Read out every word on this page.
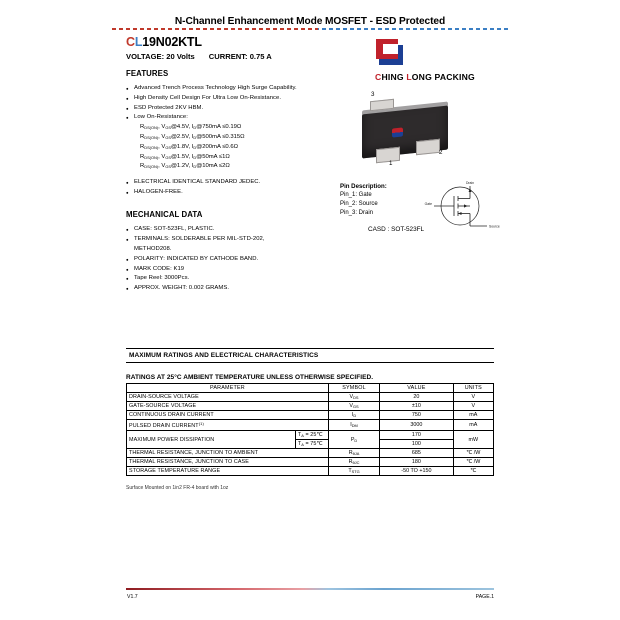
N-Channel Enhancement Mode MOSFET - ESD Protected
CL19N02KTL
VOLTAGE: 20 Volts CURRENT: 0.75 A
FEATURES
● Advanced Trench Process Technology High Surge Capability.
● High Density Cell Design For Ultra Low On-Resistance.
● ESD Protected 2KV HBM.
● Low On-Resistance:
$R_{DS(ON)}$, $V_{GS}@4.5V$, $I_D@750mA \le 0.19\Omega$
$R_{DS(ON)}$, $V_{GS}@2.5V$, $I_D@500mA \le 0.315\Omega$
$R_{DS(ON)}$, $V_{GS}@1.8V$, $I_D@200mA \le 0.6\Omega$
$R_{DS(ON)}$, $V_{GS}@1.5V$, $I_D@50mA \le 1\Omega$
$R_{DS(ON)}$, $V_{GS}@1.2V$, $I_D@10mA \le 2\Omega$
● ELECTRICAL IDENTICAL STANDARD JEDEC.
● HALOGEN-FREE.
MECHANICAL DATA
● CASE: SOT-523FL, PLASTIC.
● TERMINALS: SOLDERABLE PER MIL-STD-202,
METHOD208.
● POLARITY: INDICATED BY CATHODE BAND.
● MARK CODE: K19
● Tape Reel: 3000Pcs.
● APPROX. WEIGHT: 0.002 GRAMS.
CHING LONG PACKING
3
1
2
Pin Description:
Pin_1: Gate
Pin_2: Source
Pin_3: Drain
Drain
Gate
Source
CASD : SOT-523FL
MAXIMUM RATINGS AND ELECTRICAL CHARACTERISTICS
RATINGS AT 25°C AMBIENT TEMPERATURE UNLESS OTHERWISE SPECIFIED.
PARAMETER		SYMBOL	VALUE	UNITS
DRAIN-SOURCE VOLTAGE		$V_{DS}$	20	V
GATE-SOURCE VOLTAGE		$V_{GS}$	±10	V
CONTINUOUS DRAIN CURRENT		$I_D$	750	mA
PULSED DRAIN CURRENT$^{(1)}$		$I_{DM}$	3000	mA
MAXIMUM POWER DISSIPATION	$T_A$ = 25℃	$P_D$	170	mW
	$T_A$ = 75℃		100	
THERMAL RESISTANCE, JUNCTION TO AMBIENT		$R_{\theta JA}$	685	℃ /W
THERMAL RESISTANCE, JUNCTION TO CASE		$R_{\theta JC}$	180	℃ /W
STORAGE TEMPERATURE RANGE		$T_{STG}$	-50 TO +150	℃
Surface Mounted on 1in2 FR-4 board with 1oz
V1.7	PAGE.1
